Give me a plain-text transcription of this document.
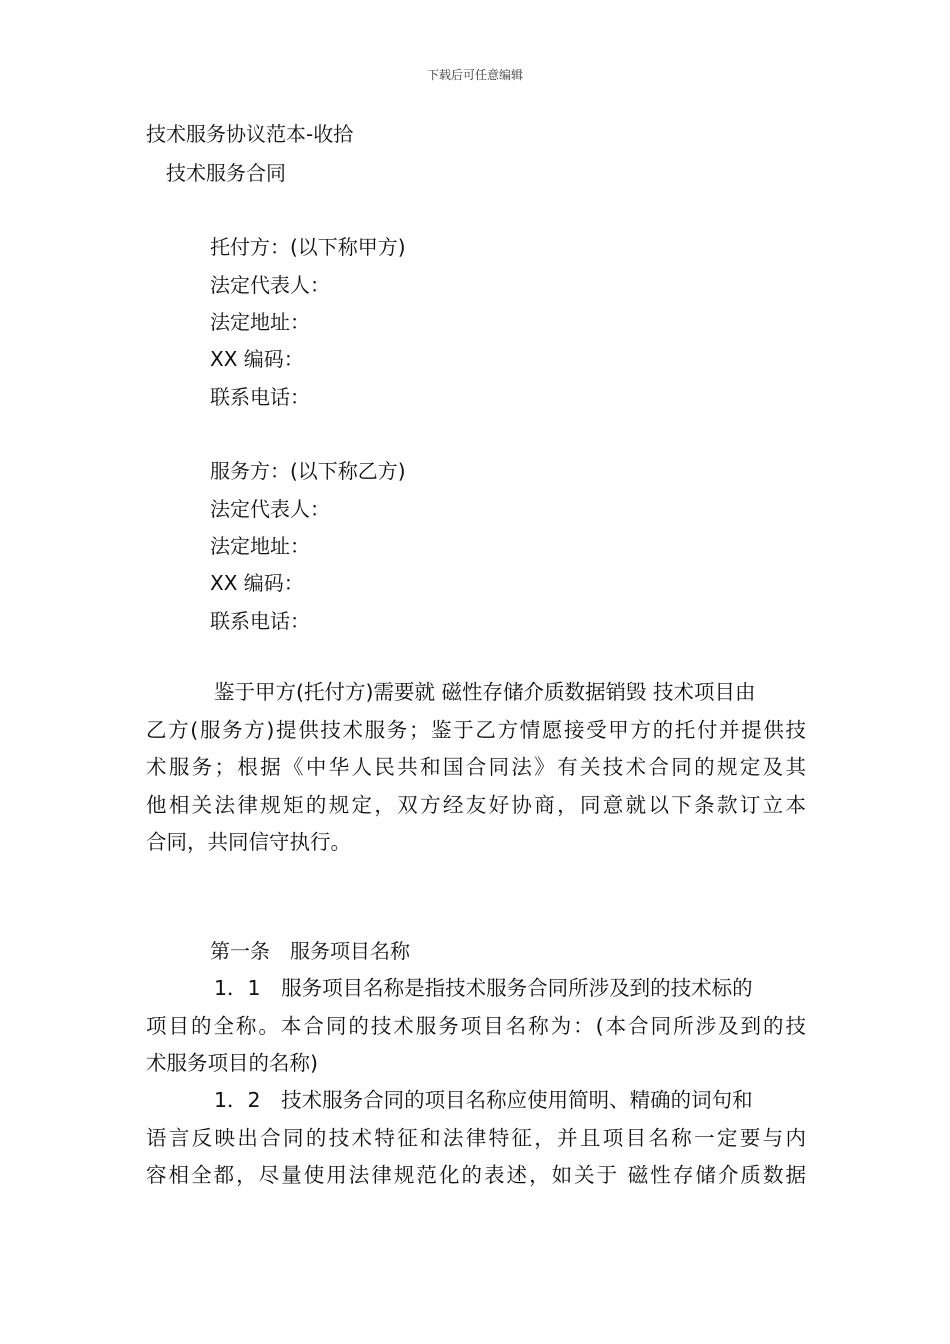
下载后可任意编辑
技术服务协议范本-收拾
技术服务合同
托付方：(以下称甲方)
法定代表人：
法定地址：
XX 编码：
联系电话：
服务方：(以下称乙方)
法定代表人：
法定地址：
XX 编码：
联系电话：
鉴于甲方(托付方)需要就 磁性存储介质数据销毁 技术项目由
乙方(服务方)提供技术服务；鉴于乙方情愿接受甲方的托付并提供技
术服务；根据《中华人民共和国合同法》有关技术合同的规定及其
他相关法律规矩的规定，双方经友好协商，同意就以下条款订立本
合同，共同信守执行。
第一条　服务项目名称
1．1　服务项目名称是指技术服务合同所涉及到的技术标的
项目的全称。本合同的技术服务项目名称为：(本合同所涉及到的技
术服务项目的名称)
1．2　技术服务合同的项目名称应使用简明、精确的词句和
语言反映出合同的技术特征和法律特征，并且项目名称一定要与内
容相全都，尽量使用法律规范化的表述，如关于 磁性存储介质数据
